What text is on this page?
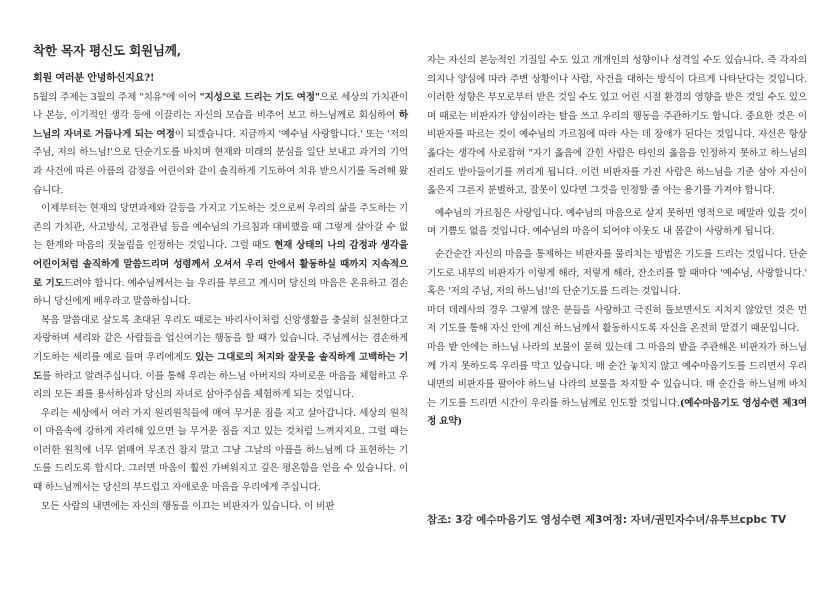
착한 목자 평신도 회원님께,
회원 여러분 안녕하신지요?!

5월의 주제는 3월의 주제 "치유"에 이어 "지성으로 드리는 기도 여정"으로 세상의 가치관이나 본능, 이기적인 생각 등에 이끌리는 자신의 모습을 비추어 보고 하느님께로 회심하여 하느님의 자녀로 거듭나게 되는 여정이 되겠습니다. 지금까지 '예수님 사랑합니다.' 또는 '저의 주님, 저의 하느님!'으로 단순기도를 바치며 현재와 미래의 분심을 일단 보내고 과거의 기억과 사건에 따른 아픔의 감정을 어린이와 같이 솔직하게 기도하여 치유 받으시기를 독려해 왔습니다.

이제부터는 현재의 당면과제와 갈등을 가지고 기도하는 것으로써 우리의 삶을 주도하는 기존의 가치관, 사고방식, 고정관념 등을 예수님의 가르침과 대비했을 때 그렇게 살아갈 수 없는 한계와 마음의 짓눌림을 인정하는 것입니다. 그럴 때도 현재 상태의 나의 감정과 생각을 어린이처럼 솔직하게 말씀드리며 성령께서 오셔서 우리 안에서 활동하실 때까지 지속적으로 기도드려야 합니다. 예수님께서는 늘 우리를 부르고 계시며 당신의 마음은 온유하고 겸손하니 당신에게 배우라고 말씀하십니다.

복음 말씀대로 살도록 초대된 우리도 때로는 바리사이처럼 신앙생활을 충실히 실천한다고 자랑하며 세리와 같은 사람들을 업신여기는 행동을 할 때가 있습니다. 주님께서는 겸손하게 기도하는 세리를 예로 들며 우리에게도 있는 그대로의 처지와 잘못을 솔직하게 고백하는 기도를 하라고 알려주십니다. 이를 통해 우리는 하느님 아버지의 자비로운 마음을 체험하고 우리의 모든 죄를 용서하심과 당신의 자녀로 삼아주심을 체험하게 되는 것입니다.

우리는 세상에서 여러 가지 원리원칙들에 매여 무거운 짐을 지고 살아갑니다. 세상의 원칙이 마음속에 강하게 자리해 있으면 늘 무거운 짐을 지고 있는 것처럼 느껴지지요. 그럴 때는 이러한 원칙에 너무 얽매여 무조건 참지 말고 그냥 그날의 아픔을 하느님께 다 표현하는 기도를 드리도록 합시다. 그러면 마음이 훨씬 가벼워지고 깊은 평온함을 얻을 수 있습니다. 이때 하느님께서는 당신의 부드럽고 자애로운 마음을 우리에게 주십니다.

모든 사람의 내면에는 자신의 행동을 이끄는 비판자가 있습니다. 이 비판

자는 자신의 본능적인 기질일 수도 있고 개개인의 성향이나 성격일 수도 있습니다. 즉 각자의 의지나 양심에 따라 주변 상황이나 사람, 사건을 대하는 방식이 다르게 나타난다는 것입니다. 이러한 성향은 부모로부터 받은 것일 수도 있고 어린 시절 환경의 영향을 받은 것일 수도 있으며 때로는 비판자가 양심이라는 탈을 쓰고 우리의 행동을 주관하기도 합니다. 중요한 것은 이 비판자를 따르는 것이 예수님의 가르침에 따라 사는 데 장애가 된다는 것입니다. 자신은 항상 옳다는 생각에 사로잡혀 "자기 옳음에 갇힌 사람은 타인의 옳음을 인정하지 못하고 하느님의 진리도 받아들이기를 꺼리게 됩니다. 이런 비판자를 가진 사람은 하느님을 기준 삼아 자신이 옳은지 그른지 분별하고, 잘못이 있다면 그것을 인정할 줄 아는 용기를 가져야 합니다.

예수님의 가르침은 사랑입니다. 예수님의 마음으로 살지 못하면 영적으로 메말라 있을 것이며 기쁨도 없을 것입니다. 예수님의 마음이 되어야 이웃도 내 몸같이 사랑하게 됩니다.

순간순간 자신의 마음을 통제하는 비판자를 물리치는 방법은 기도를 드리는 것입니다. 단순 기도로 내부의 비판자가 이렇게 해라, 저렇게 해라, 잔소리를 할 때마다 '예수님, 사랑합니다.' 혹은 '저의 주님, 저의 하느님!'의 단순기도를 드리는 것입니다.

마더 데레사의 경우 그렇게 많은 분들을 사랑하고 극진히 돌보면서도 지치지 않았던 것은 먼저 기도를 통해 자신 안에 계신 하느님께서 활동하시도록 자신을 온전히 맡겼기 때문입니다.

마음 밭 안에는 하느님 나라의 보물이 묻혀 있는데 그 마음의 밭을 주관해온 비판자가 하느님께 가지 못하도록 우리를 막고 있습니다. 매 순간 놓치지 않고 예수마음기도를 드리면서 우리 내면의 비판자를 팔아야 하느님 나라의 보물을 차지할 수 있습니다. 매 순간을 하느님께 바치는 기도를 드리면 시간이 우리를 하느님께로 인도할 것입니다.(예수마음기도 영성수련 제3여정 요약)

참조: 3강 예수마음기도 영성수련 제3여정: 자녀/권민자수녀/유투브cpbc TV
